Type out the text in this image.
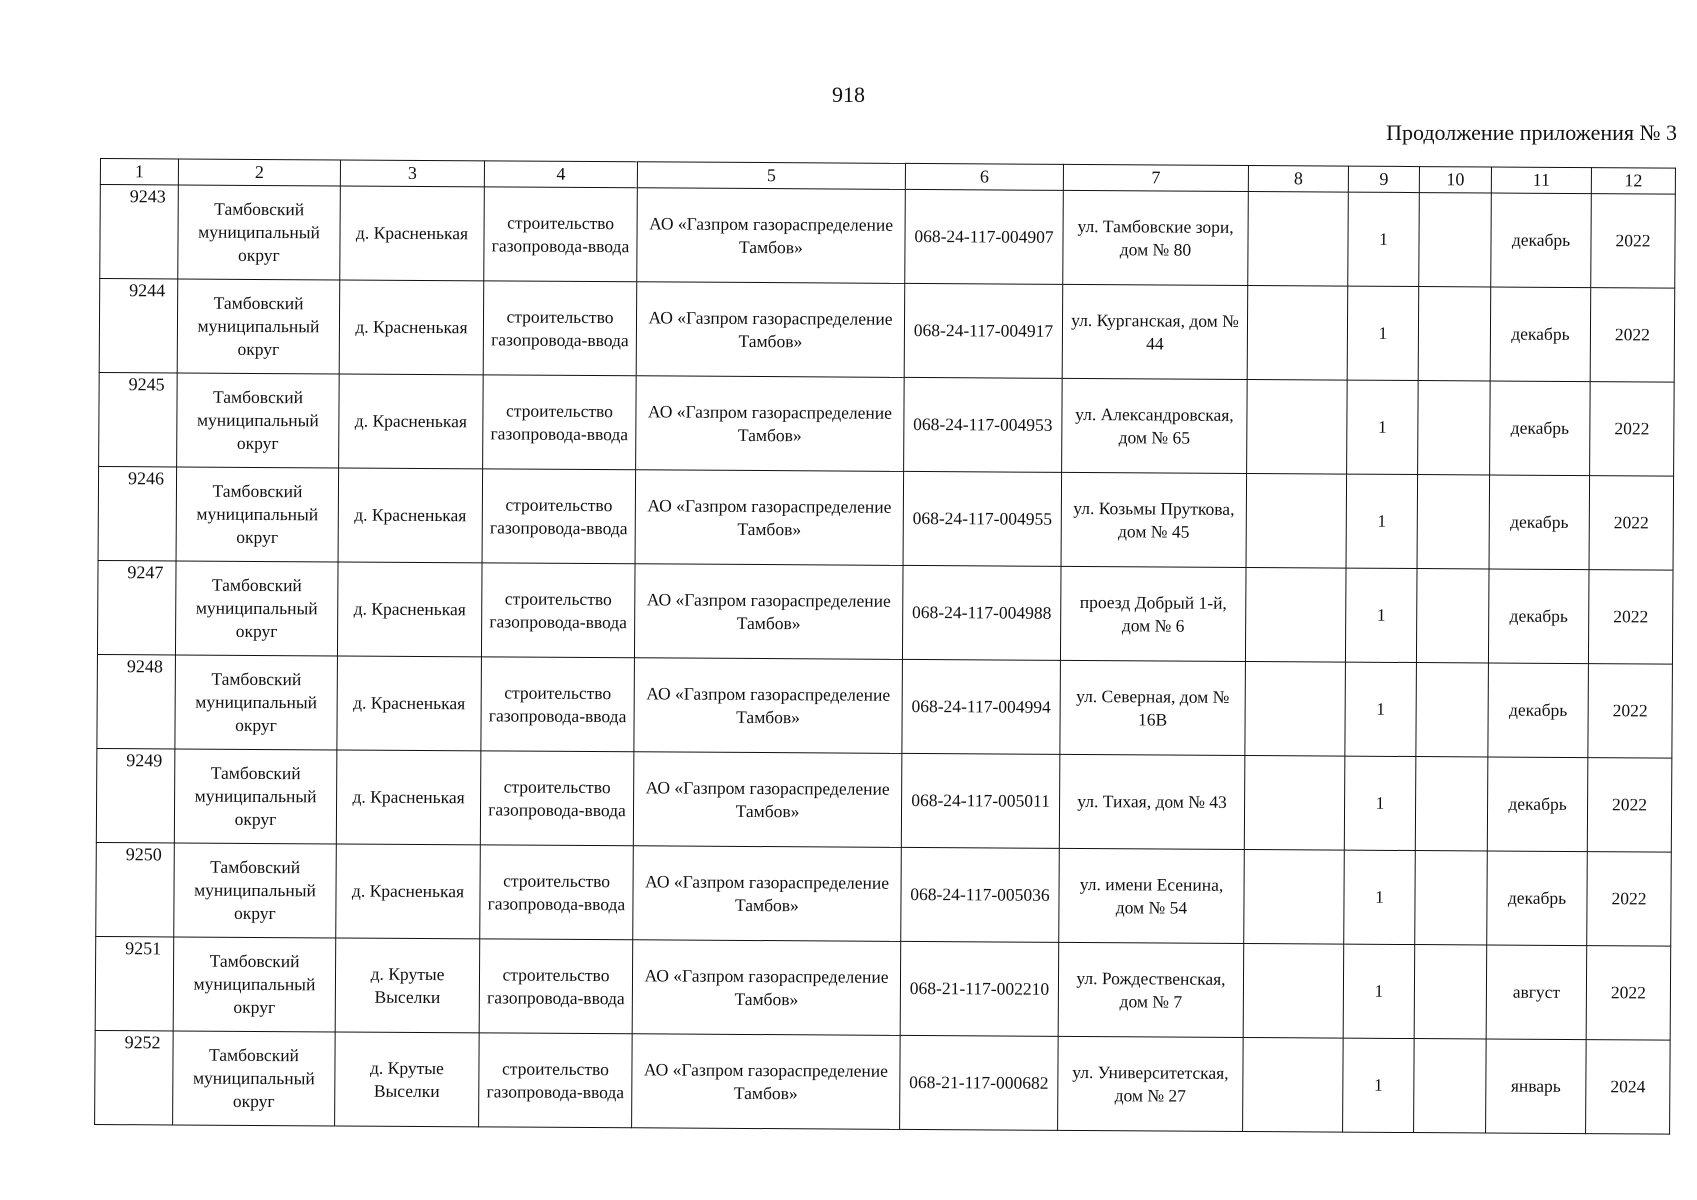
918
Продолжение приложения № 3
1	2	3	4	5	6	7	8	9	10	11	12
9243	Тамбовский муниципальный округ	д. Красненькая	строительство газопровода-ввода	АО «Газпром газораспределение Тамбов»	068-24-117-004907	ул. Тамбовские зори, дом № 80		1		декабрь	2022
9244	Тамбовский муниципальный округ	д. Красненькая	строительство газопровода-ввода	АО «Газпром газораспределение Тамбов»	068-24-117-004917	ул. Курганская, дом № 44		1		декабрь	2022
9245	Тамбовский муниципальный округ	д. Красненькая	строительство газопровода-ввода	АО «Газпром газораспределение Тамбов»	068-24-117-004953	ул. Александровская, дом № 65		1		декабрь	2022
9246	Тамбовский муниципальный округ	д. Красненькая	строительство газопровода-ввода	АО «Газпром газораспределение Тамбов»	068-24-117-004955	ул. Козьмы Пруткова, дом № 45		1		декабрь	2022
9247	Тамбовский муниципальный округ	д. Красненькая	строительство газопровода-ввода	АО «Газпром газораспределение Тамбов»	068-24-117-004988	проезд Добрый 1-й, дом № 6		1		декабрь	2022
9248	Тамбовский муниципальный округ	д. Красненькая	строительство газопровода-ввода	АО «Газпром газораспределение Тамбов»	068-24-117-004994	ул. Северная, дом № 16В		1		декабрь	2022
9249	Тамбовский муниципальный округ	д. Красненькая	строительство газопровода-ввода	АО «Газпром газораспределение Тамбов»	068-24-117-005011	ул. Тихая, дом № 43		1		декабрь	2022
9250	Тамбовский муниципальный округ	д. Красненькая	строительство газопровода-ввода	АО «Газпром газораспределение Тамбов»	068-24-117-005036	ул. имени Есенина, дом № 54		1		декабрь	2022
9251	Тамбовский муниципальный округ	д. Крутые Выселки	строительство газопровода-ввода	АО «Газпром газораспределение Тамбов»	068-21-117-002210	ул. Рождественская, дом № 7		1		август	2022
9252	Тамбовский муниципальный округ	д. Крутые Выселки	строительство газопровода-ввода	АО «Газпром газораспределение Тамбов»	068-21-117-000682	ул. Университетская, дом № 27		1		январь	2024
